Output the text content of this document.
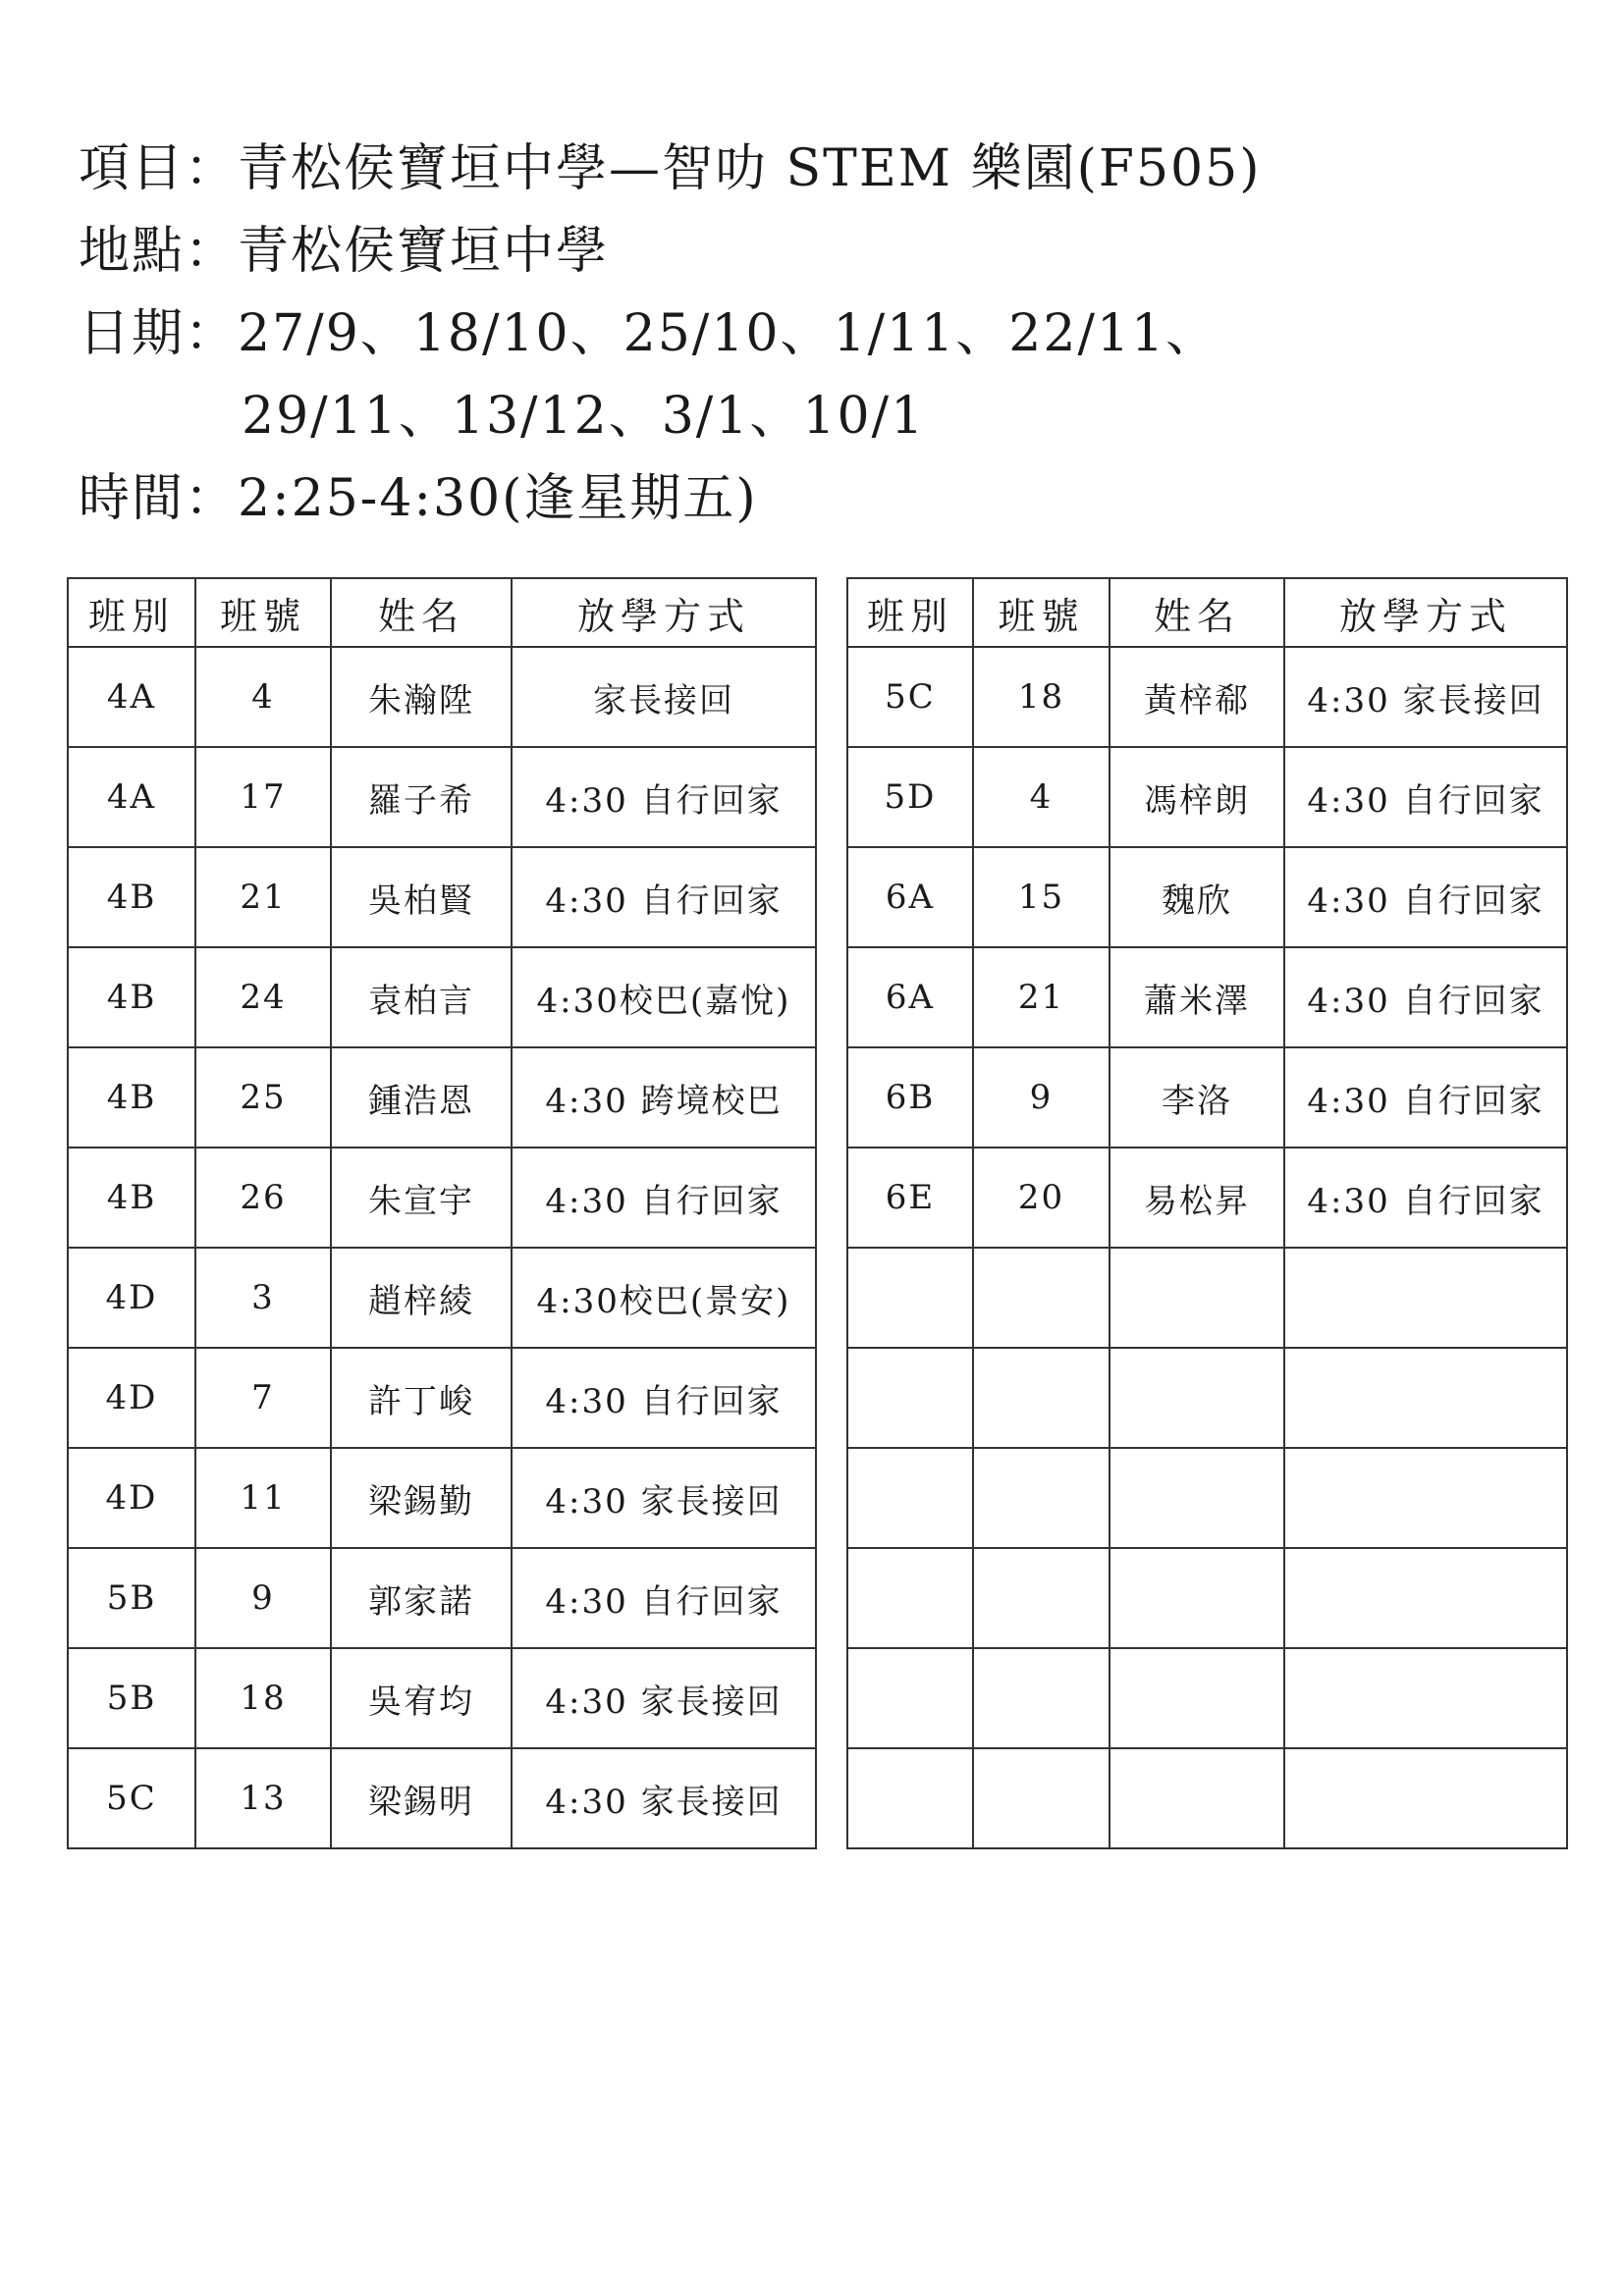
項目： 青松侯寶垣中學—智叻 STEM 樂園(F505)
地點： 青松侯寶垣中學
日期： 27/9、18/10、25/10、1/11、22/11、
29/11、13/12、3/1、10/1
時間： 2:25-4:30(逢星期五)
班別	班號	姓名	放學方式
4A	4	朱瀚陞	家長接回
4A	17	羅子希	4:30 自行回家
4B	21	吳柏賢	4:30 自行回家
4B	24	袁柏言	4:30校巴(嘉悅)
4B	25	鍾浩恩	4:30 跨境校巴
4B	26	朱宣宇	4:30 自行回家
4D	3	趙梓綾	4:30校巴(景安)
4D	7	許丁峻	4:30 自行回家
4D	11	梁錫勤	4:30 家長接回
5B	9	郭家諾	4:30 自行回家
5B	18	吳宥均	4:30 家長接回
5C	13	梁錫明	4:30 家長接回
班別	班號	姓名	放學方式
5C	18	黃梓郗	4:30 家長接回
5D	4	馮梓朗	4:30 自行回家
6A	15	魏欣	4:30 自行回家
6A	21	蕭米澤	4:30 自行回家
6B	9	李洛	4:30 自行回家
6E	20	易松昇	4:30 自行回家
